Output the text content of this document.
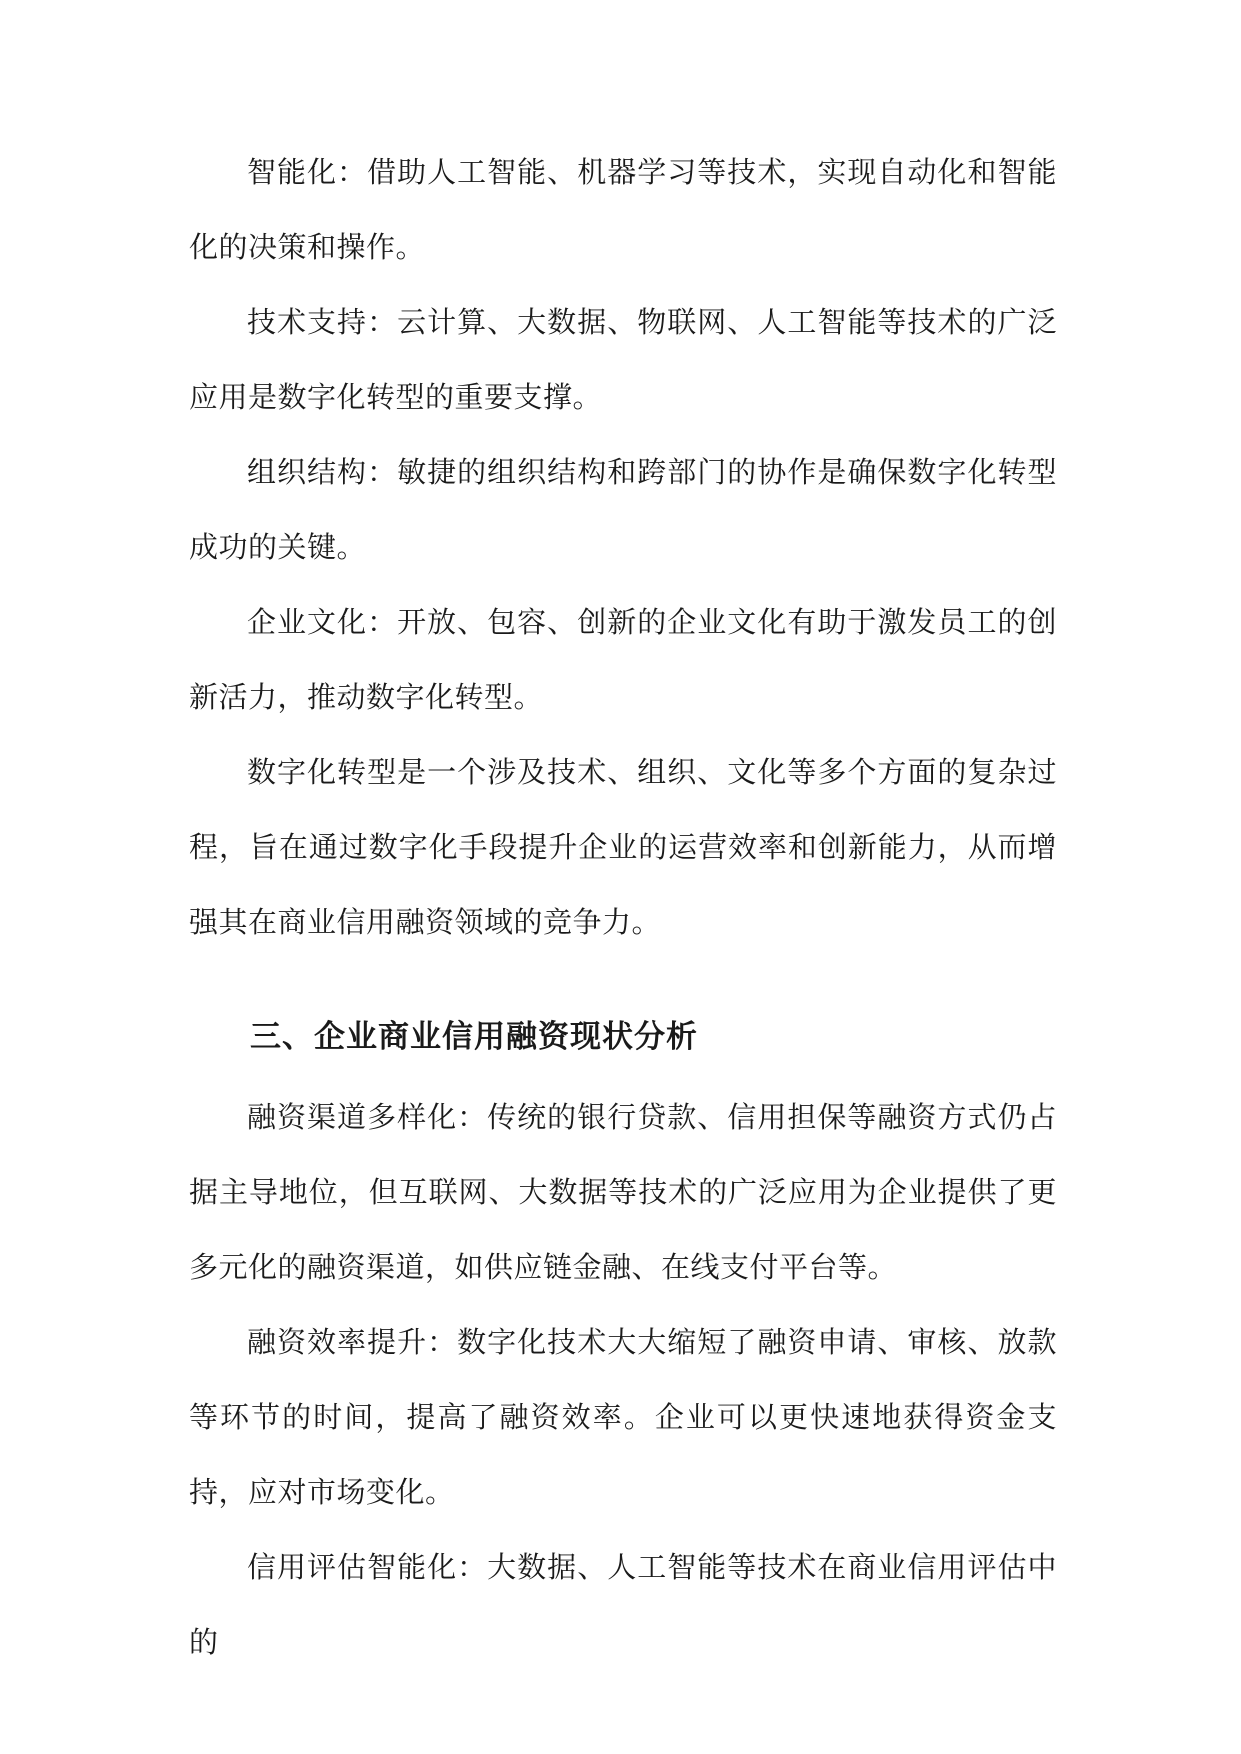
智能化：借助人工智能、机器学习等技术，实现自动化和智能化的决策和操作。

技术支持：云计算、大数据、物联网、人工智能等技术的广泛应用是数字化转型的重要支撑。

组织结构：敏捷的组织结构和跨部门的协作是确保数字化转型成功的关键。

企业文化：开放、包容、创新的企业文化有助于激发员工的创新活力，推动数字化转型。

数字化转型是一个涉及技术、组织、文化等多个方面的复杂过程，旨在通过数字化手段提升企业的运营效率和创新能力，从而增强其在商业信用融资领域的竞争力。

三、企业商业信用融资现状分析

融资渠道多样化：传统的银行贷款、信用担保等融资方式仍占据主导地位，但互联网、大数据等技术的广泛应用为企业提供了更多元化的融资渠道，如供应链金融、在线支付平台等。

融资效率提升：数字化技术大大缩短了融资申请、审核、放款等环节的时间，提高了融资效率。企业可以更快速地获得资金支持，应对市场变化。

信用评估智能化：大数据、人工智能等技术在商业信用评估中的
